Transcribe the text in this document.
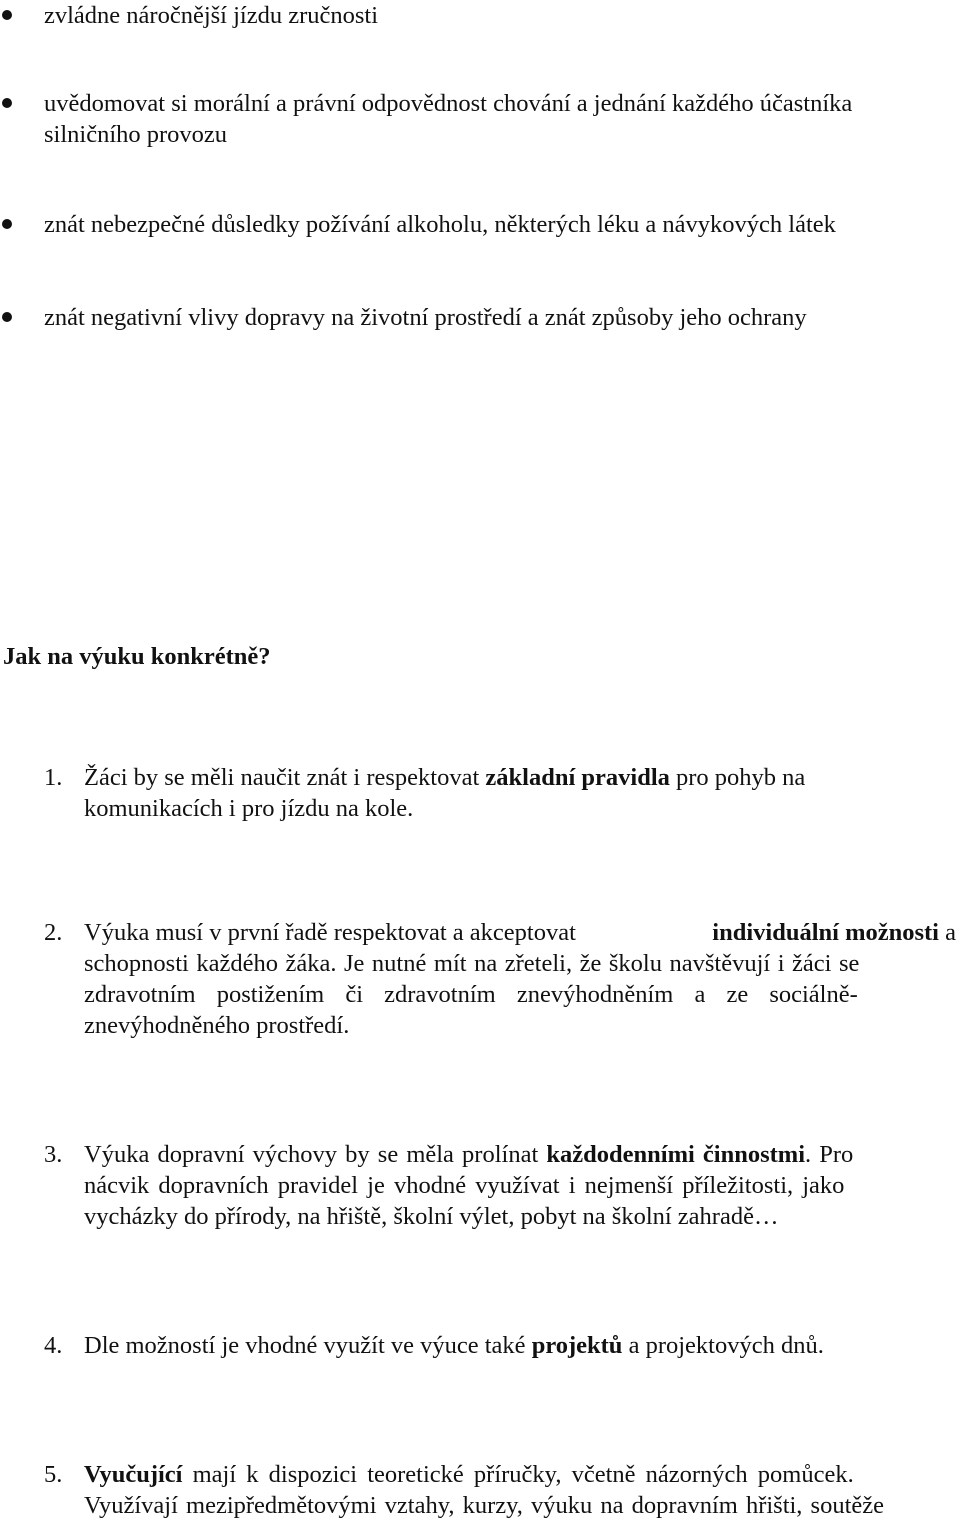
zvládne náročnější jízdu zručnosti
uvědomovat si morální a právní odpovědnost chování a jednání každého účastníka
silničního provozu
znát nebezpečné důsledky požívání alkoholu, některých léku a návykových látek
znát negativní vlivy dopravy na životní prostředí a znát způsoby jeho ochrany
Jak na výuku konkrétně?
1. Žáci by se měli naučit znát i respektovat základní pravidla pro pohyb na
komunikacích i pro jízdu na kole.
2. Výuka musí v první řadě respektovat a akceptovat	individuální možnosti a
schopnosti každého žáka. Je nutné mít na zřeteli, že školu navštěvují i žáci se
zdravotním postižením či zdravotním znevýhodněním a ze sociálně-
znevýhodněného prostředí.
3. Výuka dopravní výchovy by se měla prolínat každodenními činnostmi. Pro
nácvik dopravních pravidel je vhodné využívat i nejmenší příležitosti, jako
vycházky do přírody, na hřiště, školní výlet, pobyt na školní zahradě…
4. Dle možností je vhodné využít ve výuce také projektů a projektových dnů.
5. Vyučující mají k dispozici teoretické příručky, včetně názorných pomůcek.
Využívají mezipředmětovými vztahy, kurzy, výuku na dopravním hřišti, soutěže
